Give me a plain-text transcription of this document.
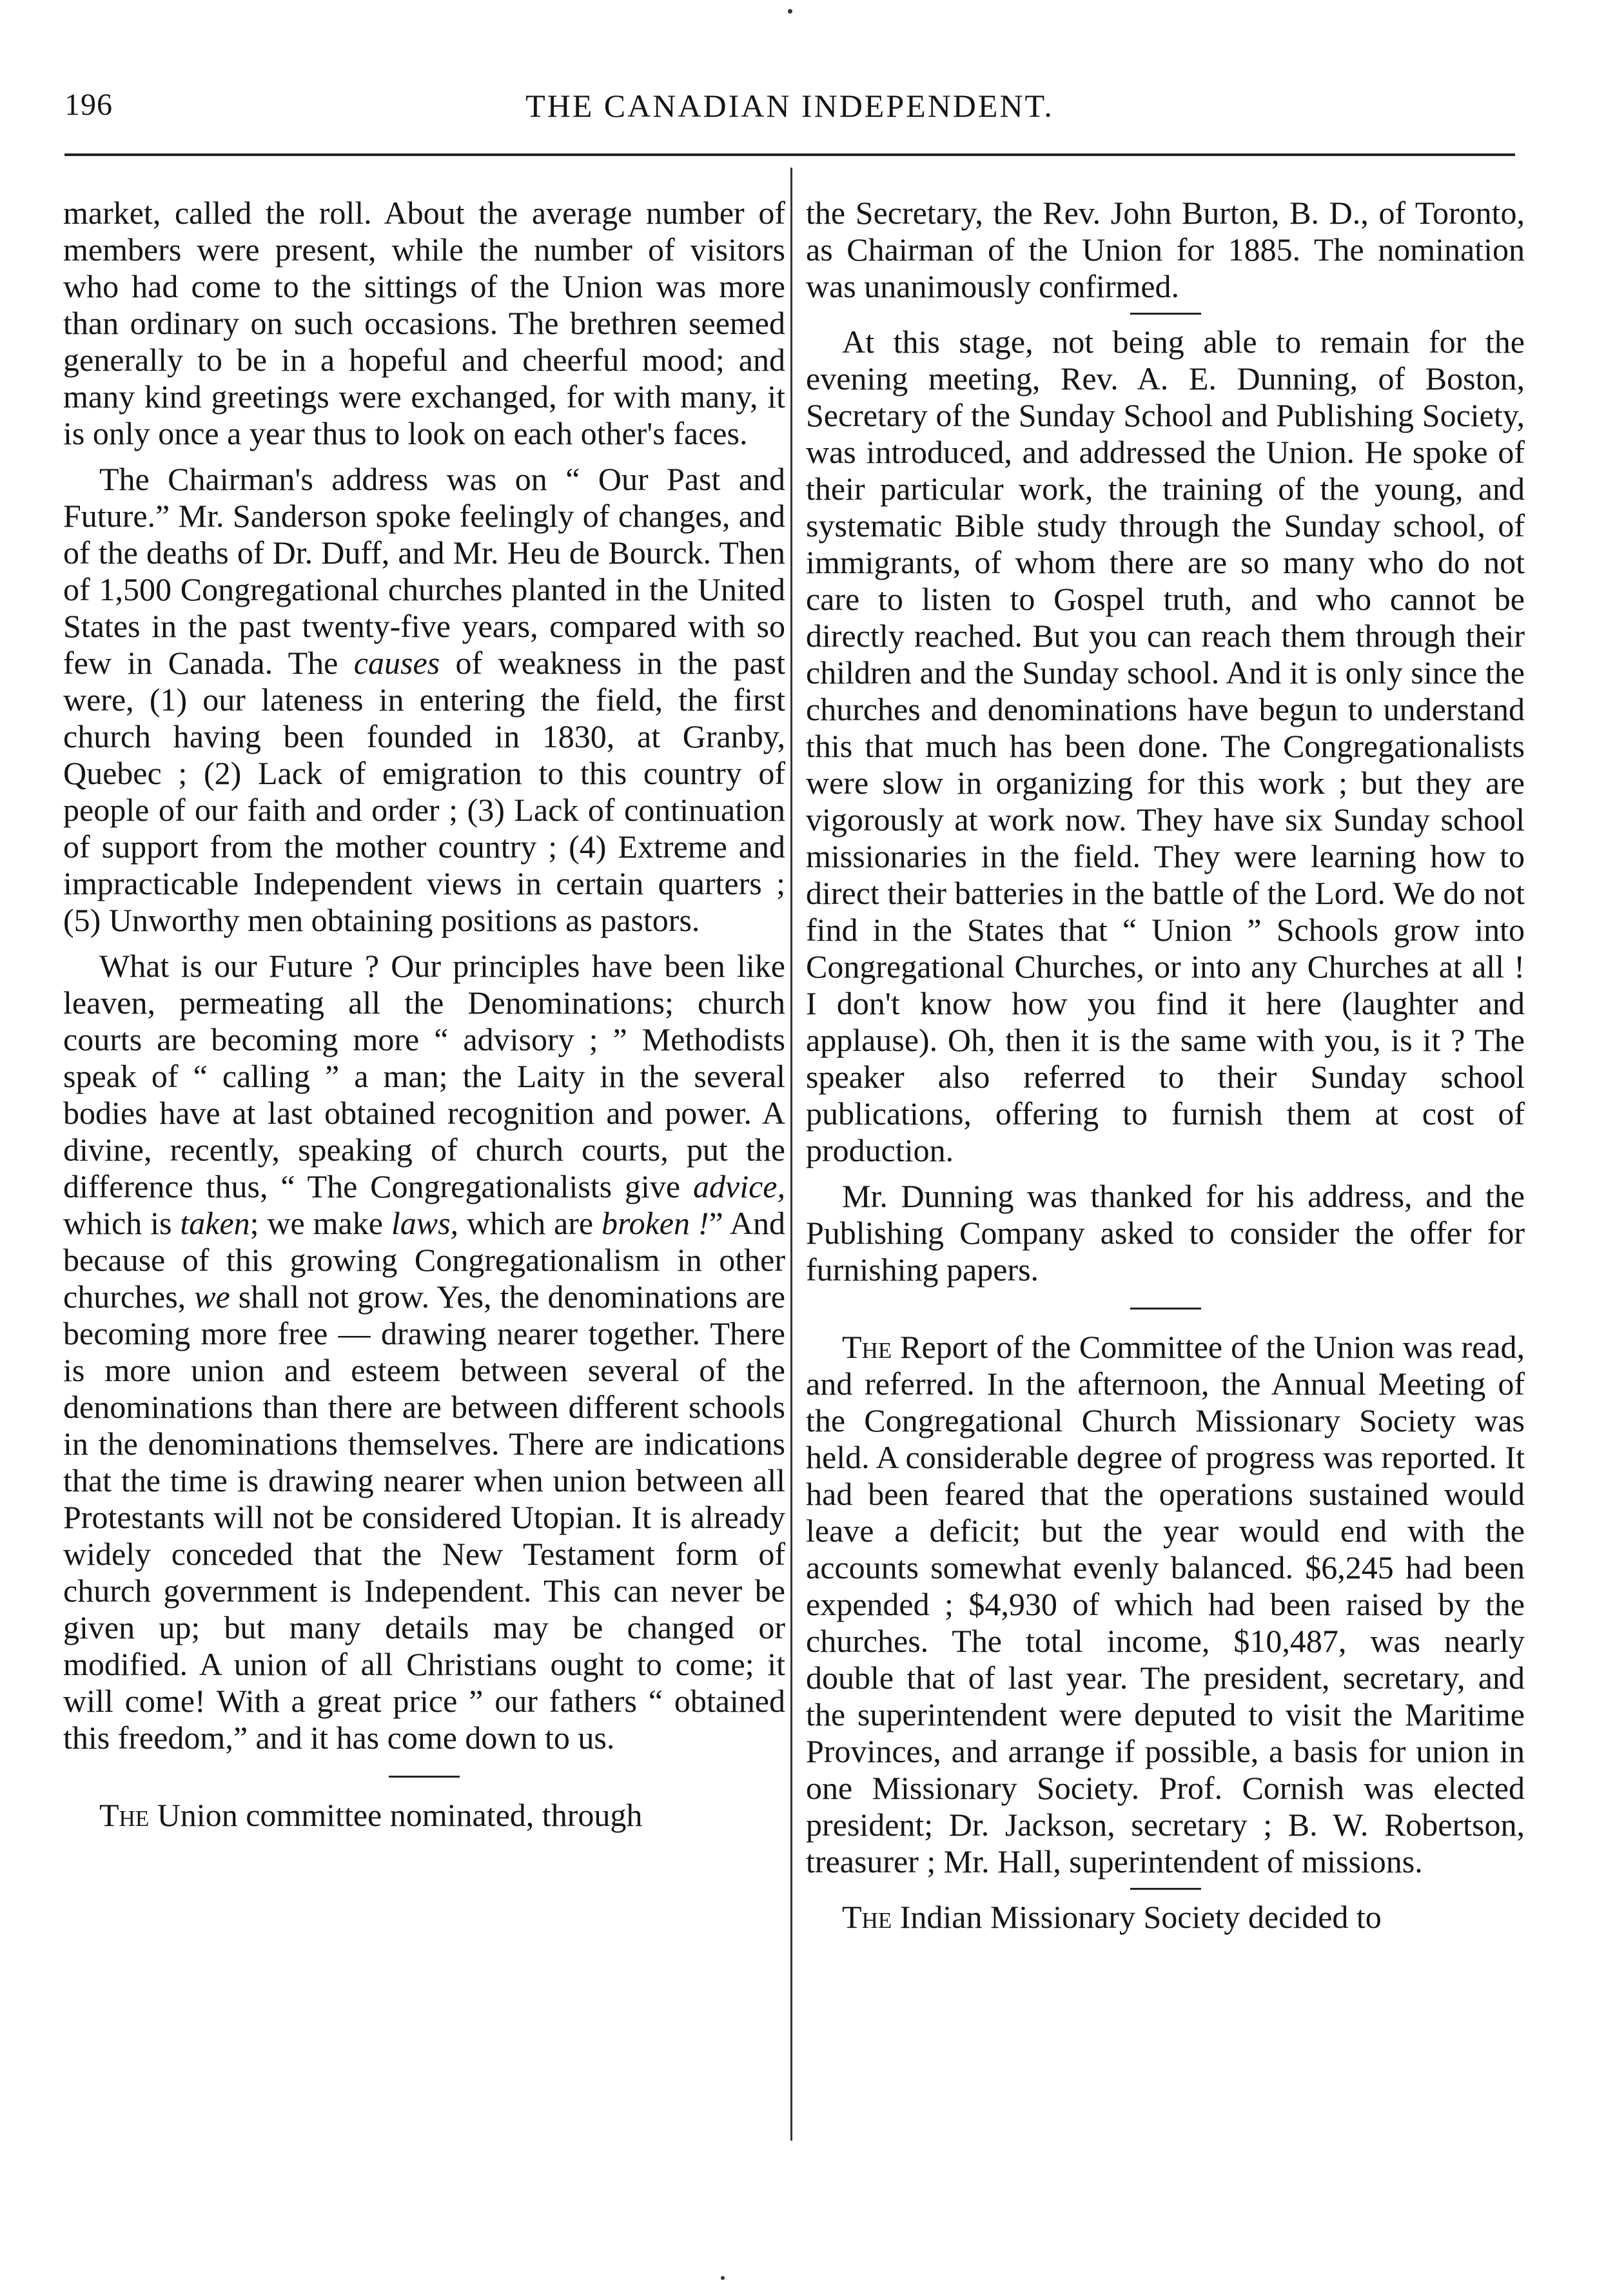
196	THE CANADIAN INDEPENDENT.

market, called the roll. About the average number of members were present, while the number of visitors who had come to the sittings of the Union was more than ordinary on such occasions. The brethren seemed generally to be in a hopeful and cheerful mood; and many kind greetings were exchanged, for with many, it is only once a year thus to look on each other's faces.

The Chairman's address was on “ Our Past and Future.” Mr. Sanderson spoke feelingly of changes, and of the deaths of Dr. Duff, and Mr. Heu de Bourck. Then of 1,500 Congregational churches planted in the United States in the past twenty-five years, compared with so few in Canada. The causes of weakness in the past were, (1) our lateness in entering the field, the first church having been founded in 1830, at Granby, Quebec ; (2) Lack of emigration to this country of people of our faith and order ; (3) Lack of continuation of support from the mother country ; (4) Extreme and impracticable Independent views in certain quarters ; (5) Unworthy men obtaining positions as pastors.

What is our Future ? Our principles have been like leaven, permeating all the Denominations; church courts are becoming more “ advisory ; ” Methodists speak of “ calling ” a man; the Laity in the several bodies have at last obtained recognition and power. A divine, recently, speaking of church courts, put the difference thus, “ The Congregationalists give advice, which is taken; we make laws, which are broken !” And because of this growing Congregationalism in other churches, we shall not grow. Yes, the denominations are becoming more free — drawing nearer together. There is more union and esteem between several of the denominations than there are between different schools in the denominations themselves. There are indications that the time is drawing nearer when union between all Protestants will not be considered Utopian. It is already widely conceded that the New Testament form of church government is Independent. This can never be given up; but many details may be changed or modified. A union of all Christians ought to come; it will come! With a great price ” our fathers “ obtained this freedom,” and it has come down to us.

The Union committee nominated, through

the Secretary, the Rev. John Burton, B. D., of Toronto, as Chairman of the Union for 1885. The nomination was unanimously confirmed.

At this stage, not being able to remain for the evening meeting, Rev. A. E. Dunning, of Boston, Secretary of the Sunday School and Publishing Society, was introduced, and addressed the Union. He spoke of their particular work, the training of the young, and systematic Bible study through the Sunday school, of immigrants, of whom there are so many who do not care to listen to Gospel truth, and who cannot be directly reached. But you can reach them through their children and the Sunday school. And it is only since the churches and denominations have begun to understand this that much has been done. The Congregationalists were slow in organizing for this work ; but they are vigorously at work now. They have six Sunday school missionaries in the field. They were learning how to direct their batteries in the battle of the Lord. We do not find in the States that “ Union ” Schools grow into Congregational Churches, or into any Churches at all ! I don't know how you find it here (laughter and applause). Oh, then it is the same with you, is it ? The speaker also referred to their Sunday school publications, offering to furnish them at cost of production.

Mr. Dunning was thanked for his address, and the Publishing Company asked to consider the offer for furnishing papers.

The Report of the Committee of the Union was read, and referred. In the afternoon, the Annual Meeting of the Congregational Church Missionary Society was held. A considerable degree of progress was reported. It had been feared that the operations sustained would leave a deficit; but the year would end with the accounts somewhat evenly balanced. $6,245 had been expended ; $4,930 of which had been raised by the churches. The total income, $10,487, was nearly double that of last year. The president, secretary, and the superintendent were deputed to visit the Maritime Provinces, and arrange if possible, a basis for union in one Missionary Society. Prof. Cornish was elected president; Dr. Jackson, secretary ; B. W. Robertson, treasurer ; Mr. Hall, superintendent of missions.

The Indian Missionary Society decided to
